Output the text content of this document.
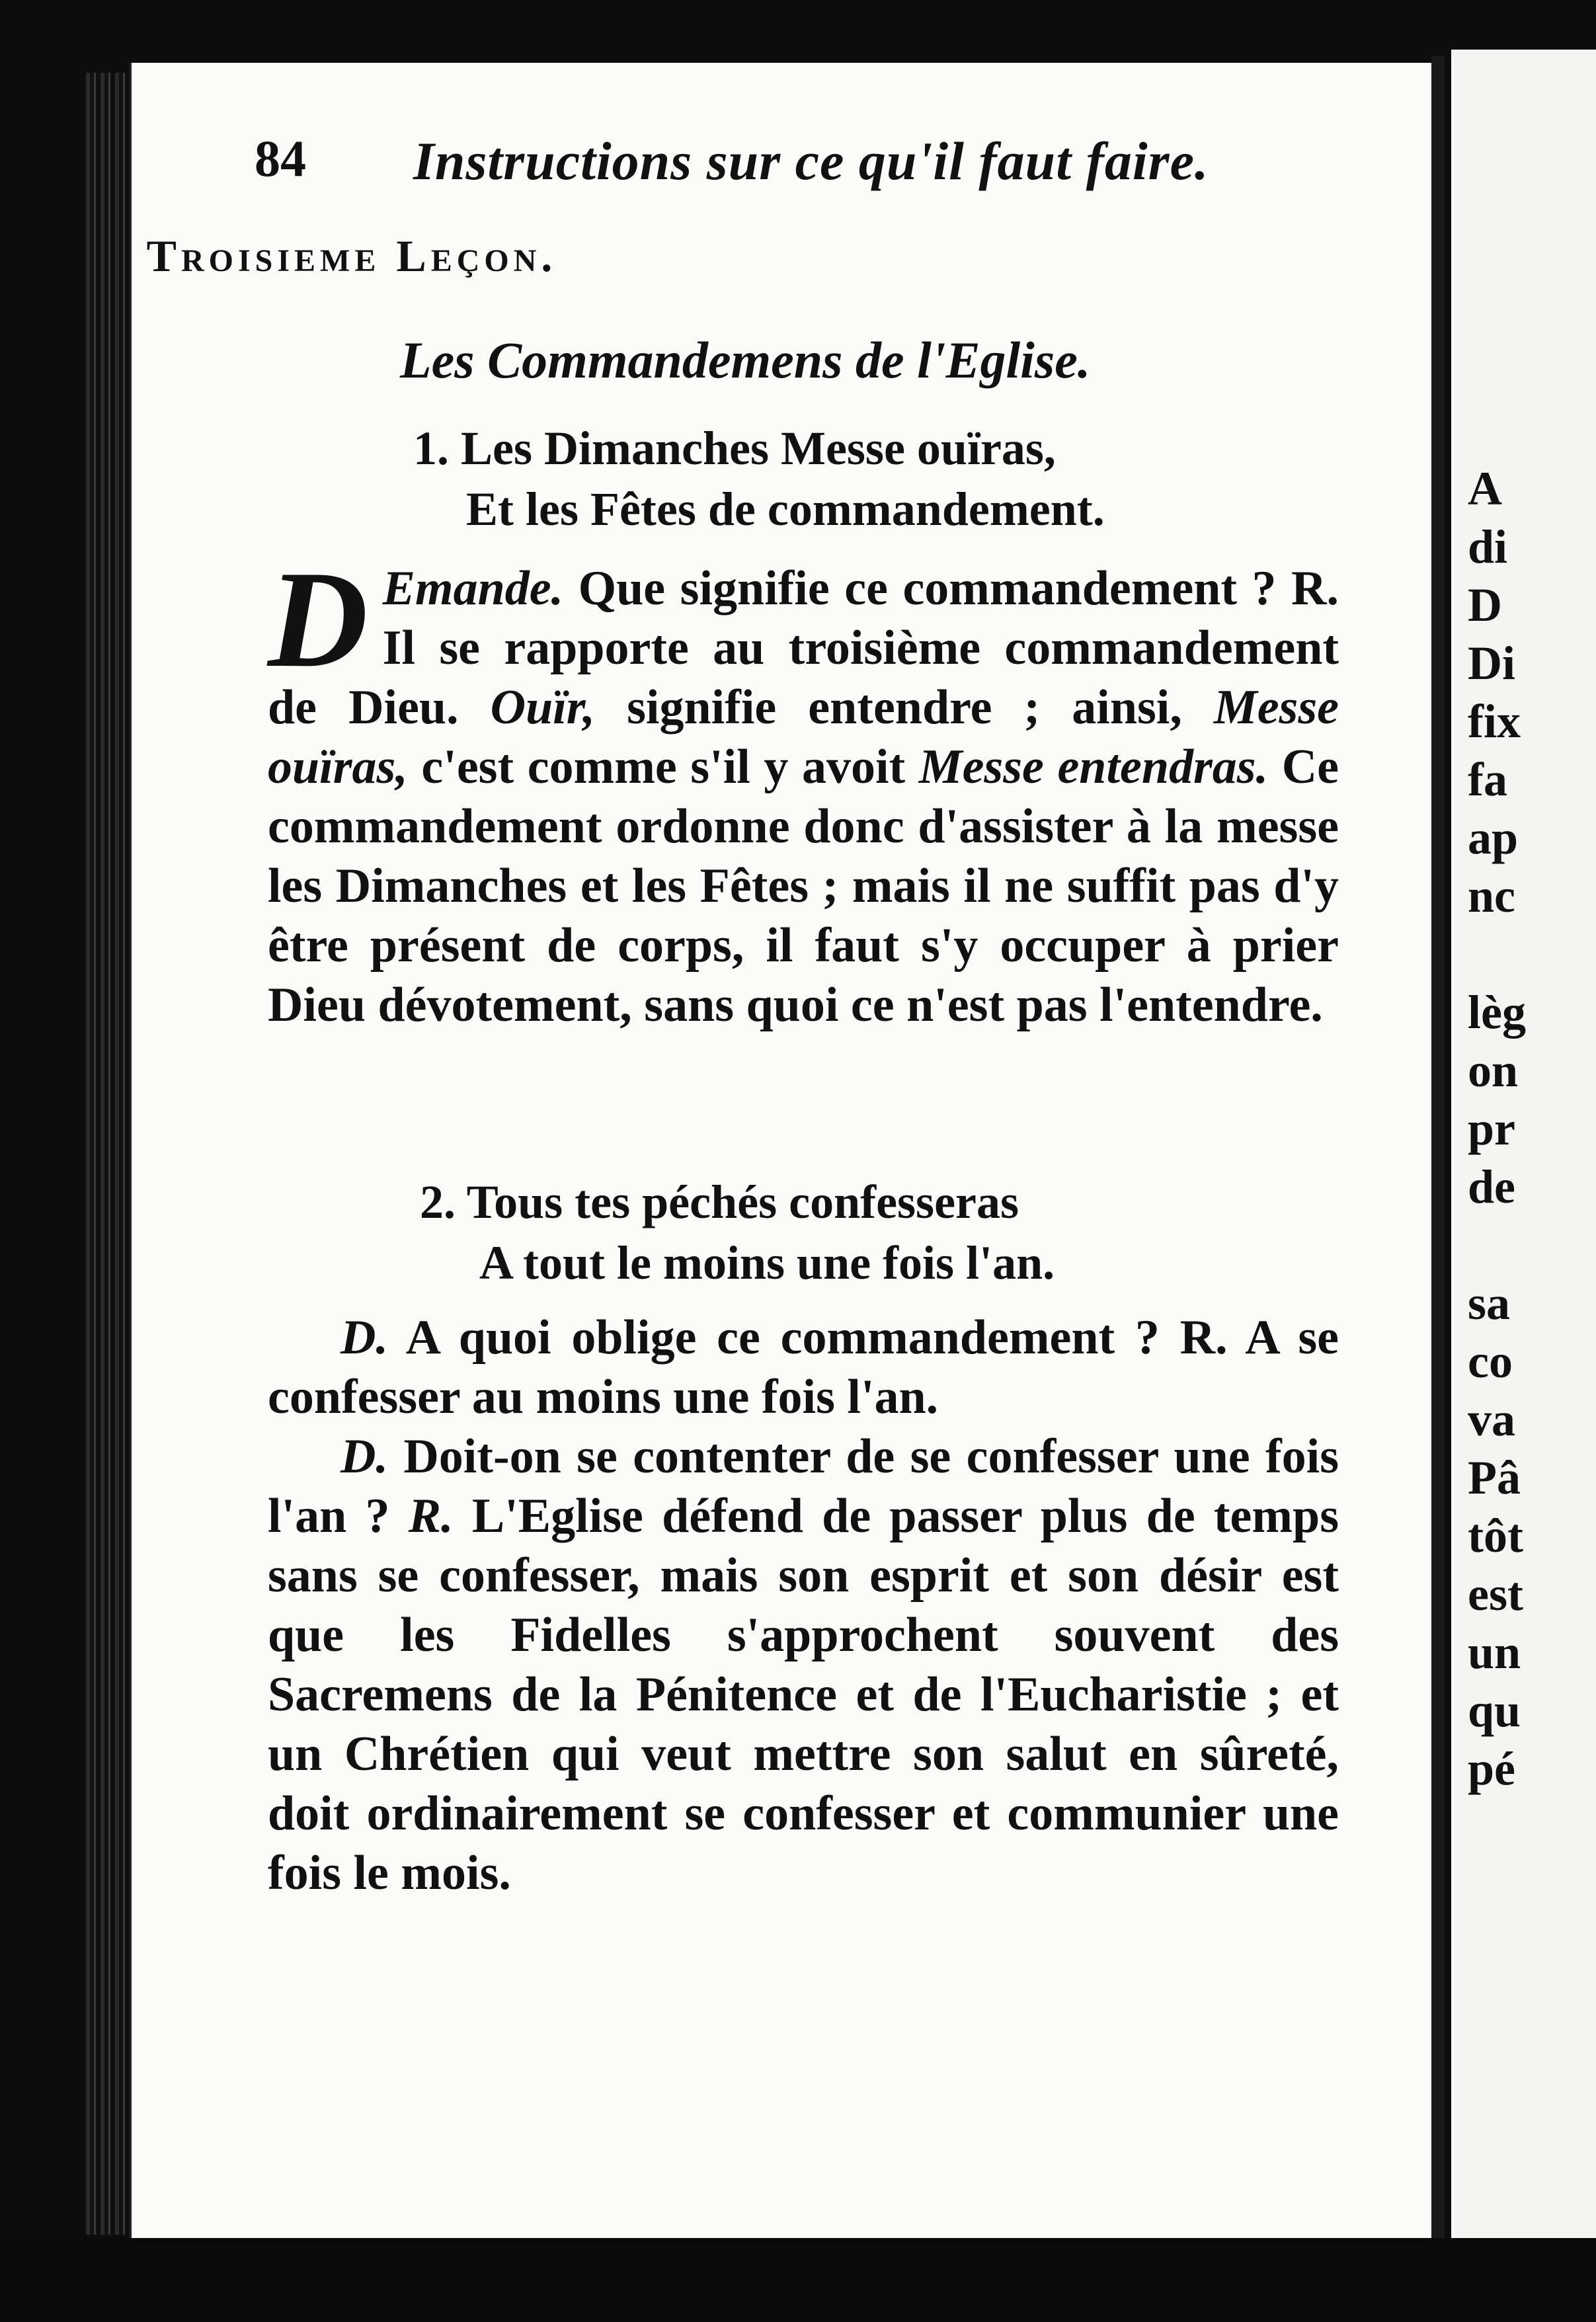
A
di
D
Di
fix
fa
ap
nc

lèg
on
pr
de

sa
co
va
Pâ
tôt
est
un
qu
pé
84 Instructions sur ce qu'il faut faire.
Troisieme Leçon.
Les Commandemens de l'Eglise.
1. Les Dimanches Messe ouïras,
Et les Fêtes de commandement.
D Emande. Que signifie ce commandement ? R. Il se rapporte au troisième commandement de Dieu. Ouïr, signifie entendre ; ainsi, Messe ouïras, c'est comme s'il y avoit Messe entendras. Ce commandement ordonne donc d'assister à la messe les Dimanches et les Fêtes ; mais il ne suffit pas d'y être présent de corps, il faut s'y occuper à prier Dieu dévotement, sans quoi ce n'est pas l'entendre.
2. Tous tes péchés confesseras
A tout le moins une fois l'an.
D. A quoi oblige ce commandement ? R. A se confesser au moins une fois l'an.
D. Doit-on se contenter de se confesser une fois l'an ? R. L'Eglise défend de passer plus de temps sans se confesser, mais son esprit et son désir est que les Fidelles s'approchent souvent des Sacremens de la Pénitence et de l'Eucharistie ; et un Chrétien qui veut mettre son salut en sûreté, doit ordinairement se confesser et communier une fois le mois.
